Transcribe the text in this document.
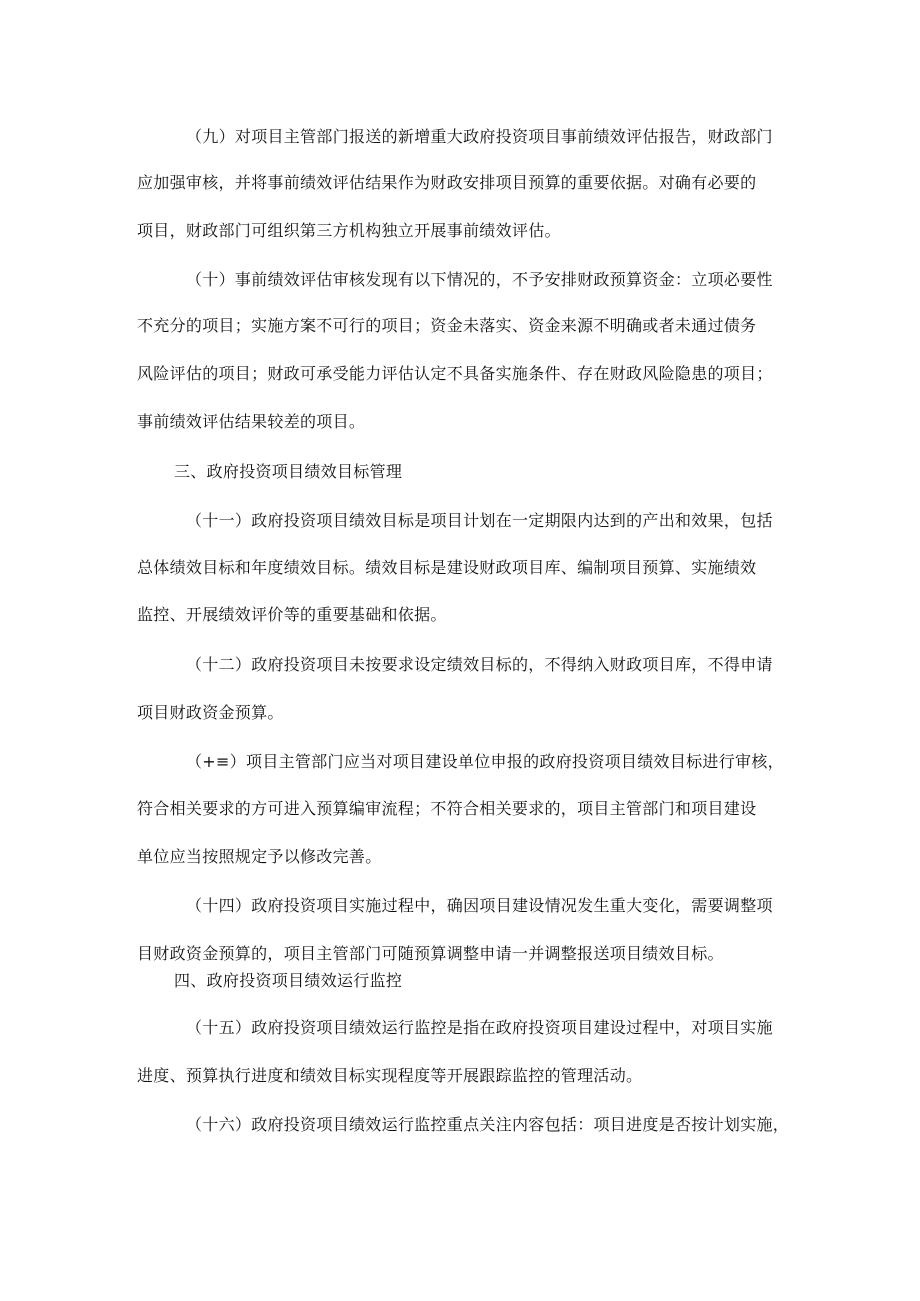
（九）对项目主管部门报送的新增重大政府投资项目事前绩效评估报告，财政部门
应加强审核，并将事前绩效评估结果作为财政安排项目预算的重要依据。对确有必要的
项目，财政部门可组织第三方机构独立开展事前绩效评估。
（十）事前绩效评估审核发现有以下情况的，不予安排财政预算资金：立项必要性
不充分的项目；实施方案不可行的项目；资金未落实、资金来源不明确或者未通过债务
风险评估的项目；财政可承受能力评估认定不具备实施条件、存在财政风险隐患的项目；
事前绩效评估结果较差的项目。
三、政府投资项目绩效目标管理
（十一）政府投资项目绩效目标是项目计划在一定期限内达到的产出和效果，包括
总体绩效目标和年度绩效目标。绩效目标是建设财政项目库、编制项目预算、实施绩效
监控、开展绩效评价等的重要基础和依据。
（十二）政府投资项目未按要求设定绩效目标的，不得纳入财政项目库，不得申请
项目财政资金预算。
（+≡）项目主管部门应当对项目建设单位申报的政府投资项目绩效目标进行审核，
符合相关要求的方可进入预算编审流程；不符合相关要求的，项目主管部门和项目建设
单位应当按照规定予以修改完善。
（十四）政府投资项目实施过程中，确因项目建设情况发生重大变化，需要调整项
目财政资金预算的，项目主管部门可随预算调整申请一并调整报送项目绩效目标。
四、政府投资项目绩效运行监控
（十五）政府投资项目绩效运行监控是指在政府投资项目建设过程中，对项目实施
进度、预算执行进度和绩效目标实现程度等开展跟踪监控的管理活动。
（十六）政府投资项目绩效运行监控重点关注内容包括：项目进度是否按计划实施，
